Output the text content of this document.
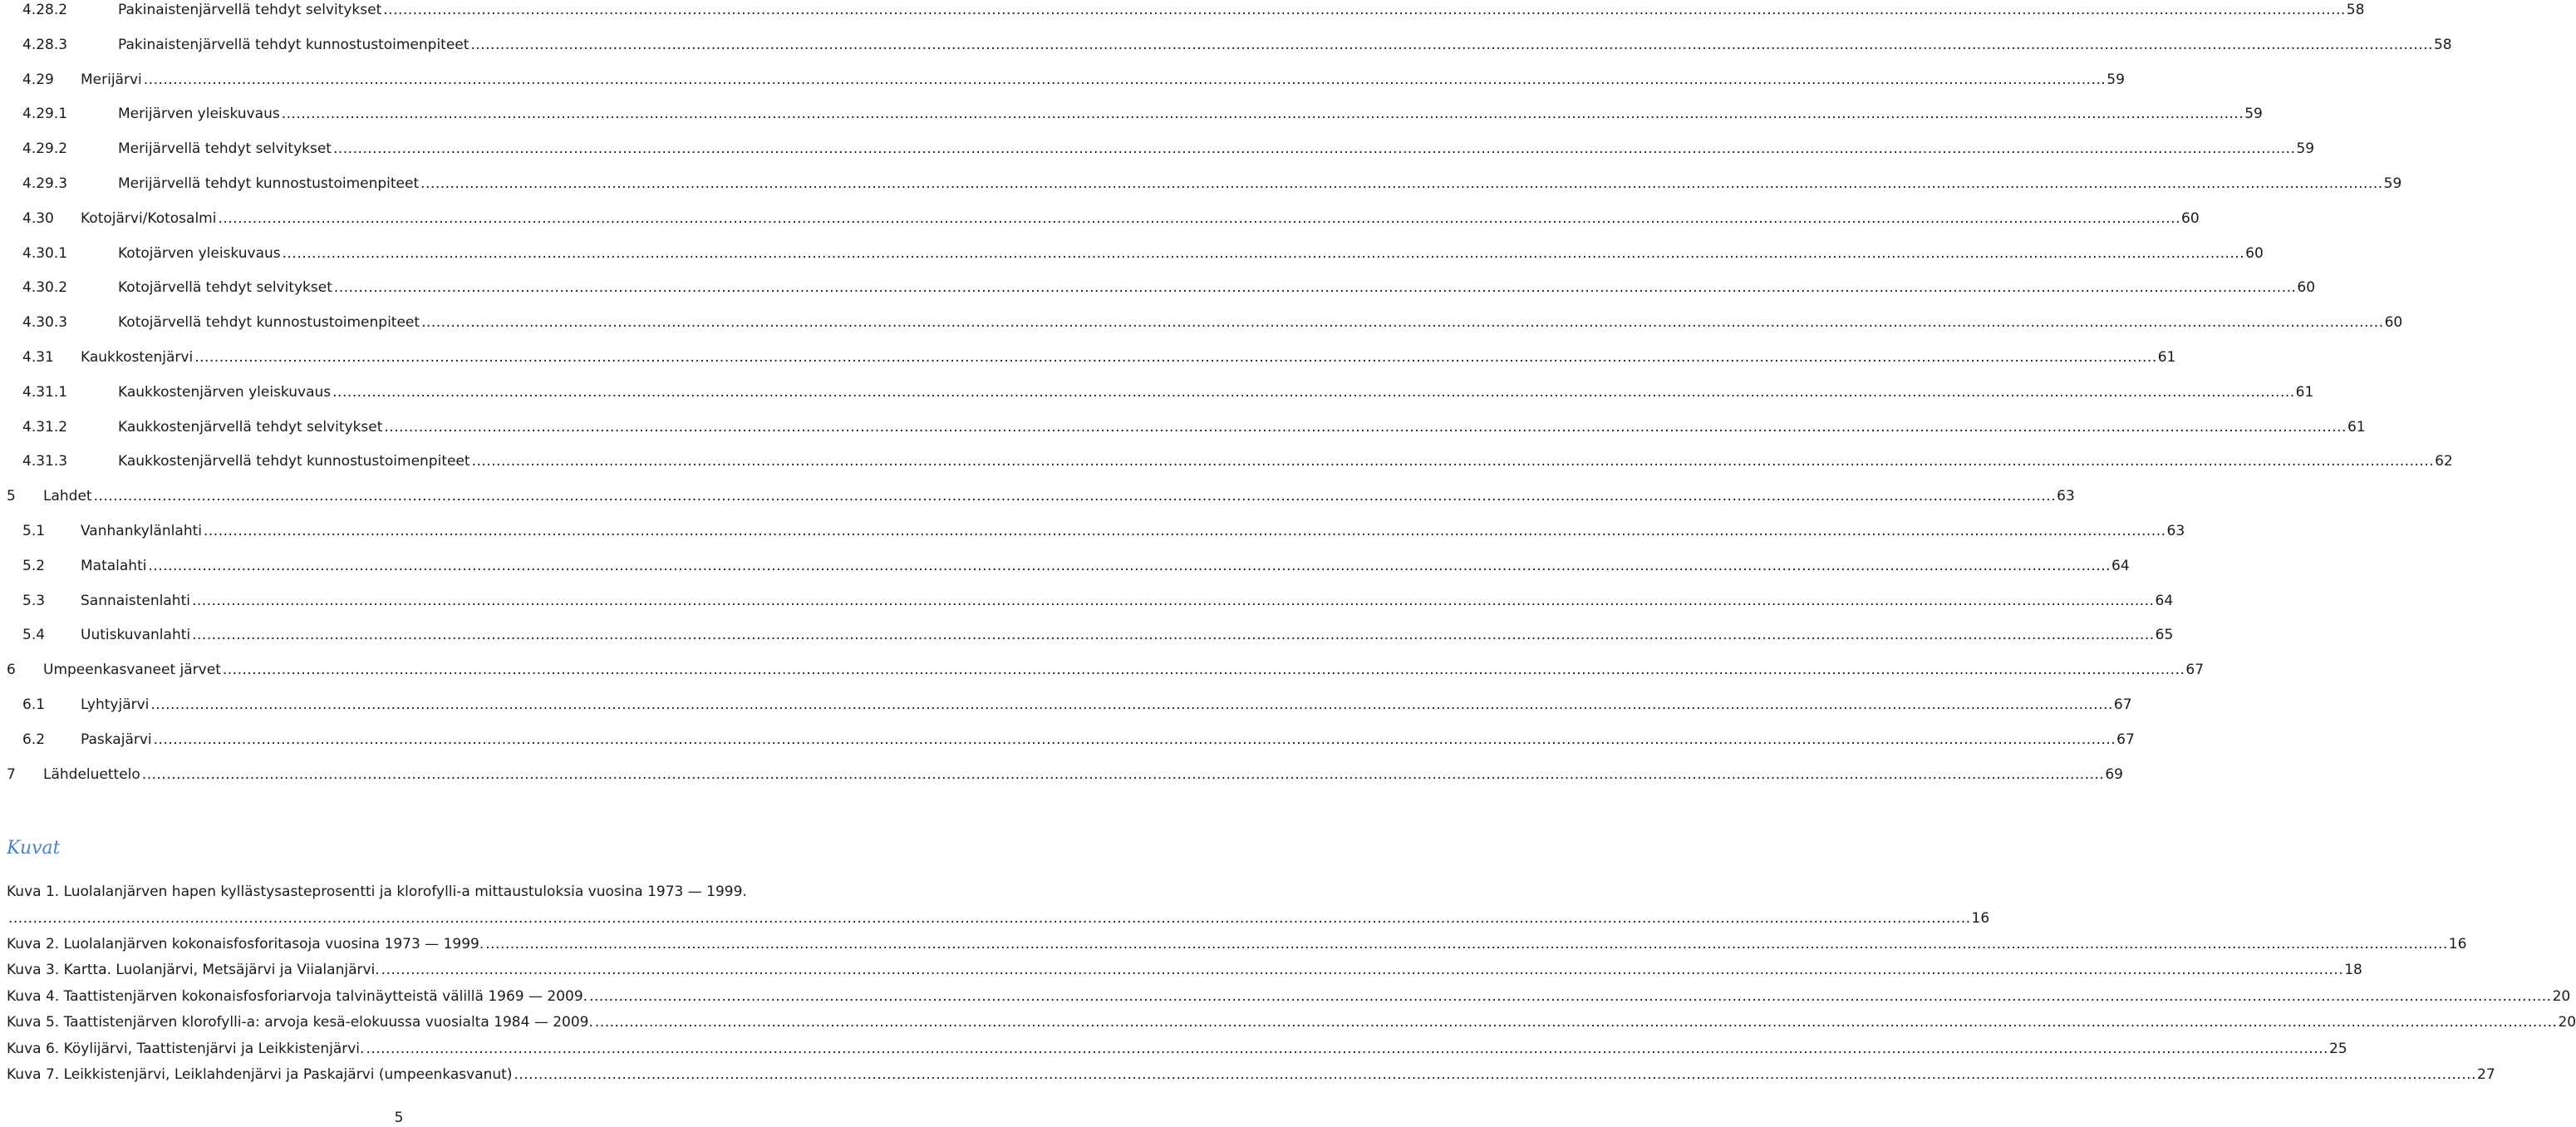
4.28.2	Pakinaistenjärvellä tehdyt selvitykset ................................................................................................................................................................................................................................................................................................................................................................................................................ 58
4.28.3	Pakinaistenjärvellä tehdyt kunnostustoimenpiteet ................................................................................................................................................................................................................................................................................................................................................................................................................ 58
4.29 Merijärvi ................................................................................................................................................................................................................................................................................................................................................................................................................ 59
4.29.1	Merijärven yleiskuvaus ................................................................................................................................................................................................................................................................................................................................................................................................................ 59
4.29.2	Merijärvellä tehdyt selvitykset ................................................................................................................................................................................................................................................................................................................................................................................................................ 59
4.29.3	Merijärvellä tehdyt kunnostustoimenpiteet ................................................................................................................................................................................................................................................................................................................................................................................................................ 59
4.30 Kotojärvi/Kotosalmi ................................................................................................................................................................................................................................................................................................................................................................................................................ 60
4.30.1	Kotojärven yleiskuvaus ................................................................................................................................................................................................................................................................................................................................................................................................................ 60
4.30.2	Kotojärvellä tehdyt selvitykset ................................................................................................................................................................................................................................................................................................................................................................................................................ 60
4.30.3	Kotojärvellä tehdyt kunnostustoimenpiteet ................................................................................................................................................................................................................................................................................................................................................................................................................ 60
4.31 Kaukkostenjärvi ................................................................................................................................................................................................................................................................................................................................................................................................................ 61
4.31.1	Kaukkostenjärven yleiskuvaus ................................................................................................................................................................................................................................................................................................................................................................................................................ 61
4.31.2	Kaukkostenjärvellä tehdyt selvitykset ................................................................................................................................................................................................................................................................................................................................................................................................................ 61
4.31.3	Kaukkostenjärvellä tehdyt kunnostustoimenpiteet ................................................................................................................................................................................................................................................................................................................................................................................................................ 62
5 Lahdet ................................................................................................................................................................................................................................................................................................................................................................................................................ 63
5.1	Vanhankylänlahti ................................................................................................................................................................................................................................................................................................................................................................................................................ 63
5.2	Matalahti ................................................................................................................................................................................................................................................................................................................................................................................................................ 64
5.3	Sannaistenlahti ................................................................................................................................................................................................................................................................................................................................................................................................................ 64
5.4	Uutiskuvanlahti ................................................................................................................................................................................................................................................................................................................................................................................................................ 65
6 Umpeenkasvaneet järvet ................................................................................................................................................................................................................................................................................................................................................................................................................ 67
6.1	Lyhtyjärvi ................................................................................................................................................................................................................................................................................................................................................................................................................ 67
6.2	Paskajärvi ................................................................................................................................................................................................................................................................................................................................................................................................................ 67
7 Lähdeluettelo ................................................................................................................................................................................................................................................................................................................................................................................................................ 69
Kuvat
Kuva 1. Luolalanjärven hapen kyllästysasteprosentti ja klorofylli-a mittaustuloksia vuosina 1973 — 1999.
................................................................................................................................................................................................................................................................................................................................................................................................................ 16
Kuva 2. Luolalanjärven kokonaisfosforitasoja vuosina 1973 — 1999. ................................................................................................................................................................................................................................................................................................................................................................................................................ 16
Kuva 3. Kartta. Luolanjärvi, Metsäjärvi ja Viialanjärvi. ................................................................................................................................................................................................................................................................................................................................................................................................................ 18
Kuva 4. Taattistenjärven kokonaisfosforiarvoja talvinäytteistä välillä 1969 — 2009. ................................................................................................................................................................................................................................................................................................................................................................................................................ 20
Kuva 5. Taattistenjärven klorofylli-a: arvoja kesä-elokuussa vuosialta 1984 — 2009. ................................................................................................................................................................................................................................................................................................................................................................................................................ 20
Kuva 6. Köylijärvi, Taattistenjärvi ja Leikkistenjärvi. ................................................................................................................................................................................................................................................................................................................................................................................................................ 25
Kuva 7. Leikkistenjärvi, Leiklahdenjärvi ja Paskajärvi (umpeenkasvanut) ................................................................................................................................................................................................................................................................................................................................................................................................................ 27
5
